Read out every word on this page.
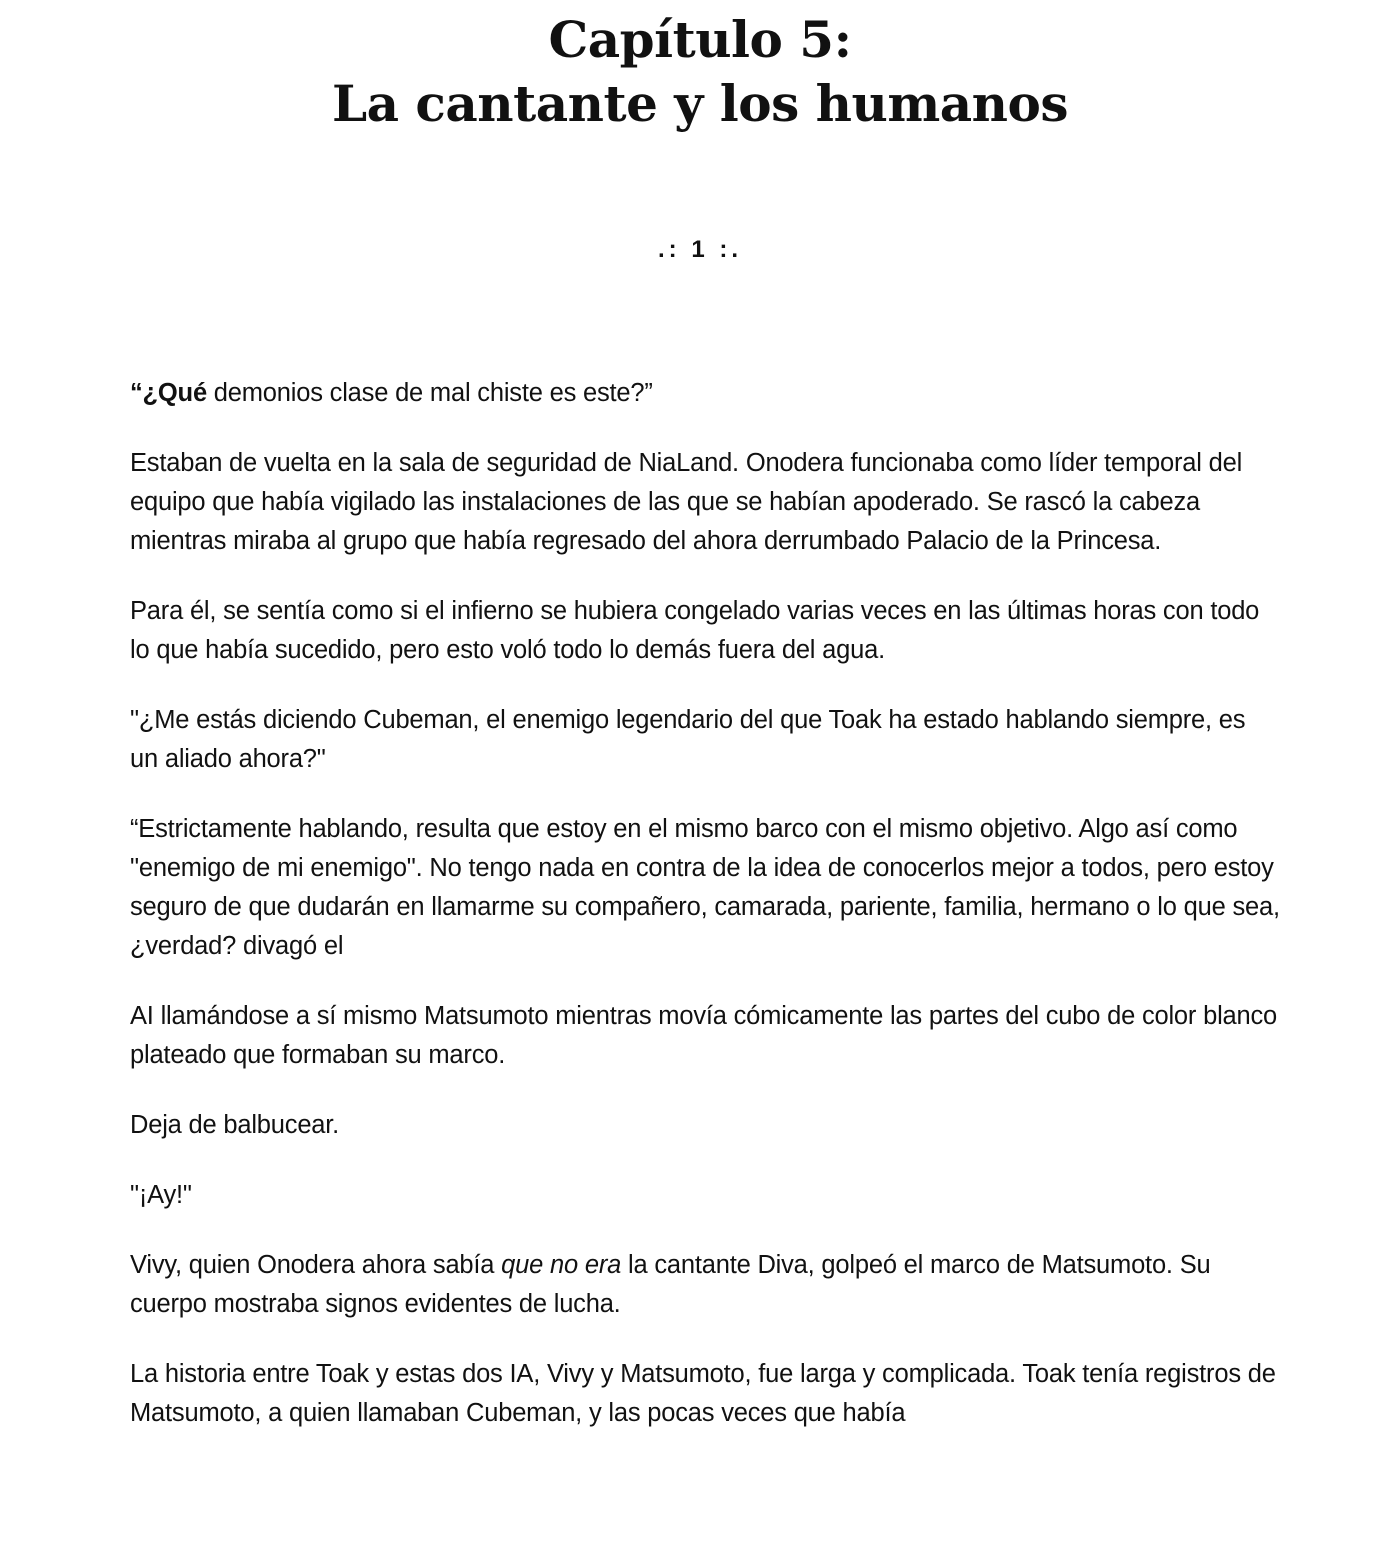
Capítulo 5:
La cantante y los humanos
.: 1 :.

“¿Qué demonios clase de mal chiste es este?”

Estaban de vuelta en la sala de seguridad de NiaLand. Onodera funcionaba como líder temporal del equipo que había vigilado las instalaciones de las que se habían apoderado. Se rascó la cabeza mientras miraba al grupo que había regresado del ahora derrumbado Palacio de la Princesa.

Para él, se sentía como si el infierno se hubiera congelado varias veces en las últimas horas con todo lo que había sucedido, pero esto voló todo lo demás fuera del agua.

"¿Me estás diciendo Cubeman, el enemigo legendario del que Toak ha estado hablando siempre, es un aliado ahora?"

“Estrictamente hablando, resulta que estoy en el mismo barco con el mismo objetivo. Algo así como "enemigo de mi enemigo". No tengo nada en contra de la idea de conocerlos mejor a todos, pero estoy seguro de que dudarán en llamarme su compañero, camarada, pariente, familia, hermano o lo que sea, ¿verdad? divagó el

AI llamándose a sí mismo Matsumoto mientras movía cómicamente las partes del cubo de color blanco plateado que formaban su marco.

Deja de balbucear.

"¡Ay!"

Vivy, quien Onodera ahora sabía que no era la cantante Diva, golpeó el marco de Matsumoto. Su cuerpo mostraba signos evidentes de lucha.

La historia entre Toak y estas dos IA, Vivy y Matsumoto, fue larga y complicada. Toak tenía registros de Matsumoto, a quien llamaban Cubeman, y las pocas veces que había
